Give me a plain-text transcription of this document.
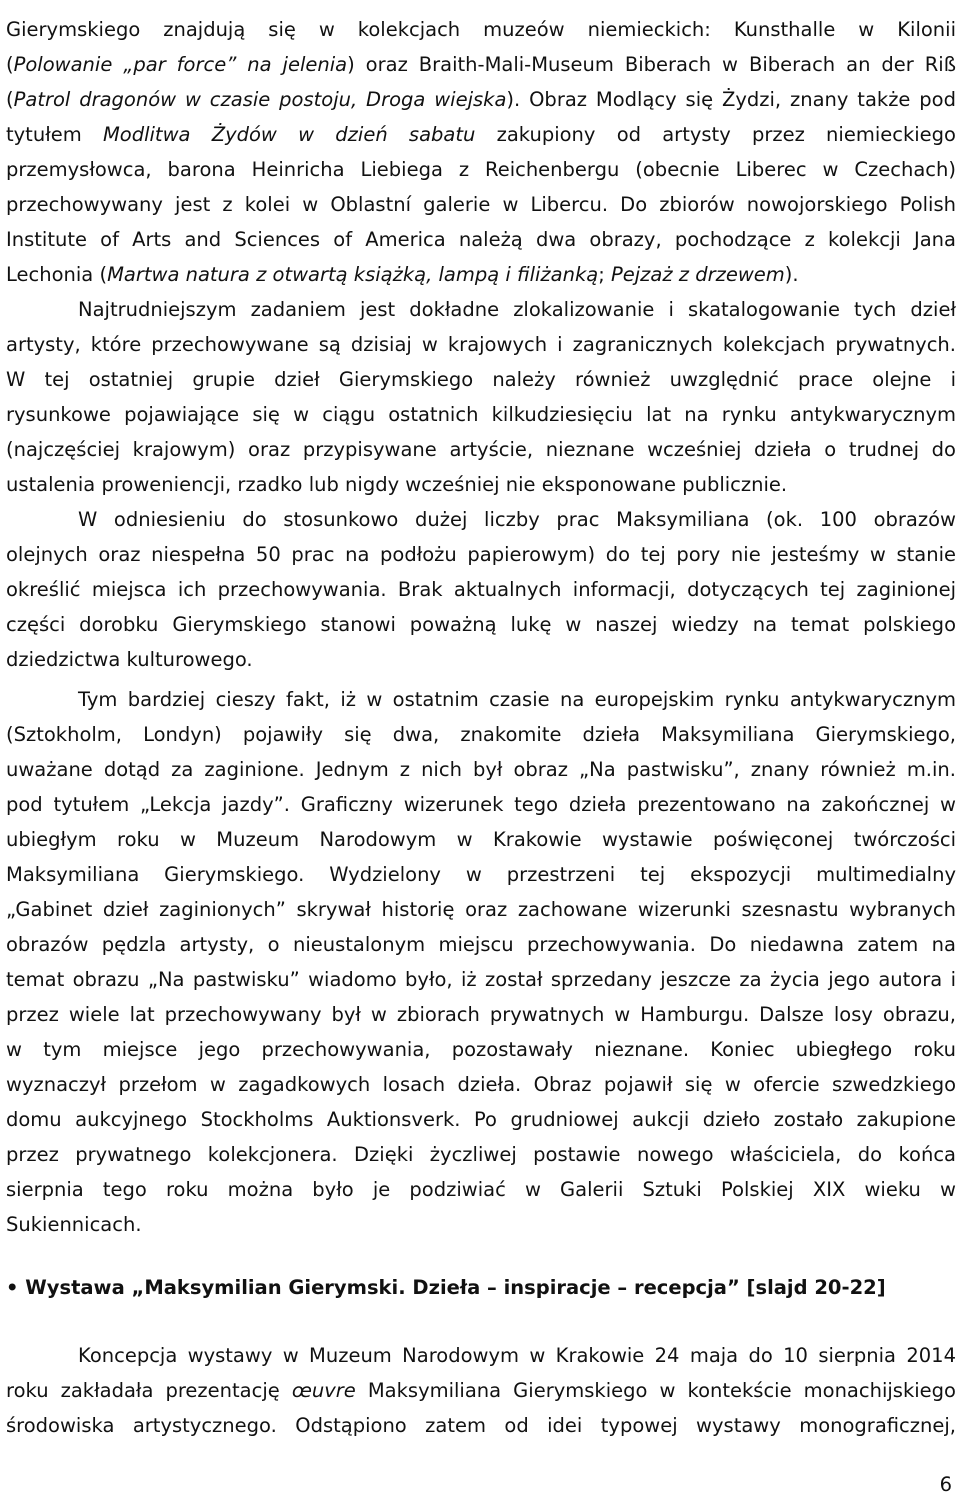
Gierymskiego znajdują się w kolekcjach muzeów niemieckich: Kunsthalle w Kilonii
(Polowanie „par force” na jelenia) oraz Braith-Mali-Museum Biberach w Biberach an der Riß
(Patrol dragonów w czasie postoju, Droga wiejska). Obraz Modlący się Żydzi, znany także pod
tytułem Modlitwa Żydów w dzień sabatu zakupiony od artysty przez niemieckiego
przemysłowca, barona Heinricha Liebiega z Reichenbergu (obecnie Liberec w Czechach)
przechowywany jest z kolei w Oblastní galerie w Libercu. Do zbiorów nowojorskiego Polish
Institute of Arts and Sciences of America należą dwa obrazy, pochodzące z kolekcji Jana
Lechonia (Martwa natura z otwartą książką, lampą i filiżanką; Pejzaż z drzewem).
Najtrudniejszym zadaniem jest dokładne zlokalizowanie i skatalogowanie tych dzieł
artysty, które przechowywane są dzisiaj w krajowych i zagranicznych kolekcjach prywatnych.
W tej ostatniej grupie dzieł Gierymskiego należy również uwzględnić prace olejne i
rysunkowe pojawiające się w ciągu ostatnich kilkudziesięciu lat na rynku antykwarycznym
(najczęściej krajowym) oraz przypisywane artyście, nieznane wcześniej dzieła o trudnej do
ustalenia proweniencji, rzadko lub nigdy wcześniej nie eksponowane publicznie.
W odniesieniu do stosunkowo dużej liczby prac Maksymiliana (ok. 100 obrazów
olejnych oraz niespełna 50 prac na podłożu papierowym) do tej pory nie jesteśmy w stanie
określić miejsca ich przechowywania. Brak aktualnych informacji, dotyczących tej zaginionej
części dorobku Gierymskiego stanowi poważną lukę w naszej wiedzy na temat polskiego
dziedzictwa kulturowego.
Tym bardziej cieszy fakt, iż w ostatnim czasie na europejskim rynku antykwarycznym
(Sztokholm, Londyn) pojawiły się dwa, znakomite dzieła Maksymiliana Gierymskiego,
uważane dotąd za zaginione. Jednym z nich był obraz „Na pastwisku”, znany również m.in.
pod tytułem „Lekcja jazdy”. Graficzny wizerunek tego dzieła prezentowano na zakończnej w
ubiegłym roku w Muzeum Narodowym w Krakowie wystawie poświęconej twórczości
Maksymiliana Gierymskiego. Wydzielony w przestrzeni tej ekspozycji multimedialny
„Gabinet dzieł zaginionych” skrywał historię oraz zachowane wizerunki szesnastu wybranych
obrazów pędzla artysty, o nieustalonym miejscu przechowywania. Do niedawna zatem na
temat obrazu „Na pastwisku” wiadomo było, iż został sprzedany jeszcze za życia jego autora i
przez wiele lat przechowywany był w zbiorach prywatnych w Hamburgu. Dalsze losy obrazu,
w tym miejsce jego przechowywania, pozostawały nieznane. Koniec ubiegłego roku
wyznaczył przełom w zagadkowych losach dzieła. Obraz pojawił się w ofercie szwedzkiego
domu aukcyjnego Stockholms Auktionsverk. Po grudniowej aukcji dzieło zostało zakupione
przez prywatnego kolekcjonera. Dzięki życzliwej postawie nowego właściciela, do końca
sierpnia tego roku można było je podziwiać w Galerii Sztuki Polskiej XIX wieku w
Sukiennicach.
• Wystawa „Maksymilian Gierymski. Dzieła – inspiracje – recepcja” [slajd 20-22]
Koncepcja wystawy w Muzeum Narodowym w Krakowie 24 maja do 10 sierpnia 2014
roku zakładała prezentację œuvre Maksymiliana Gierymskiego w kontekście monachijskiego
środowiska artystycznego. Odstąpiono zatem od idei typowej wystawy monograficznej,
6
